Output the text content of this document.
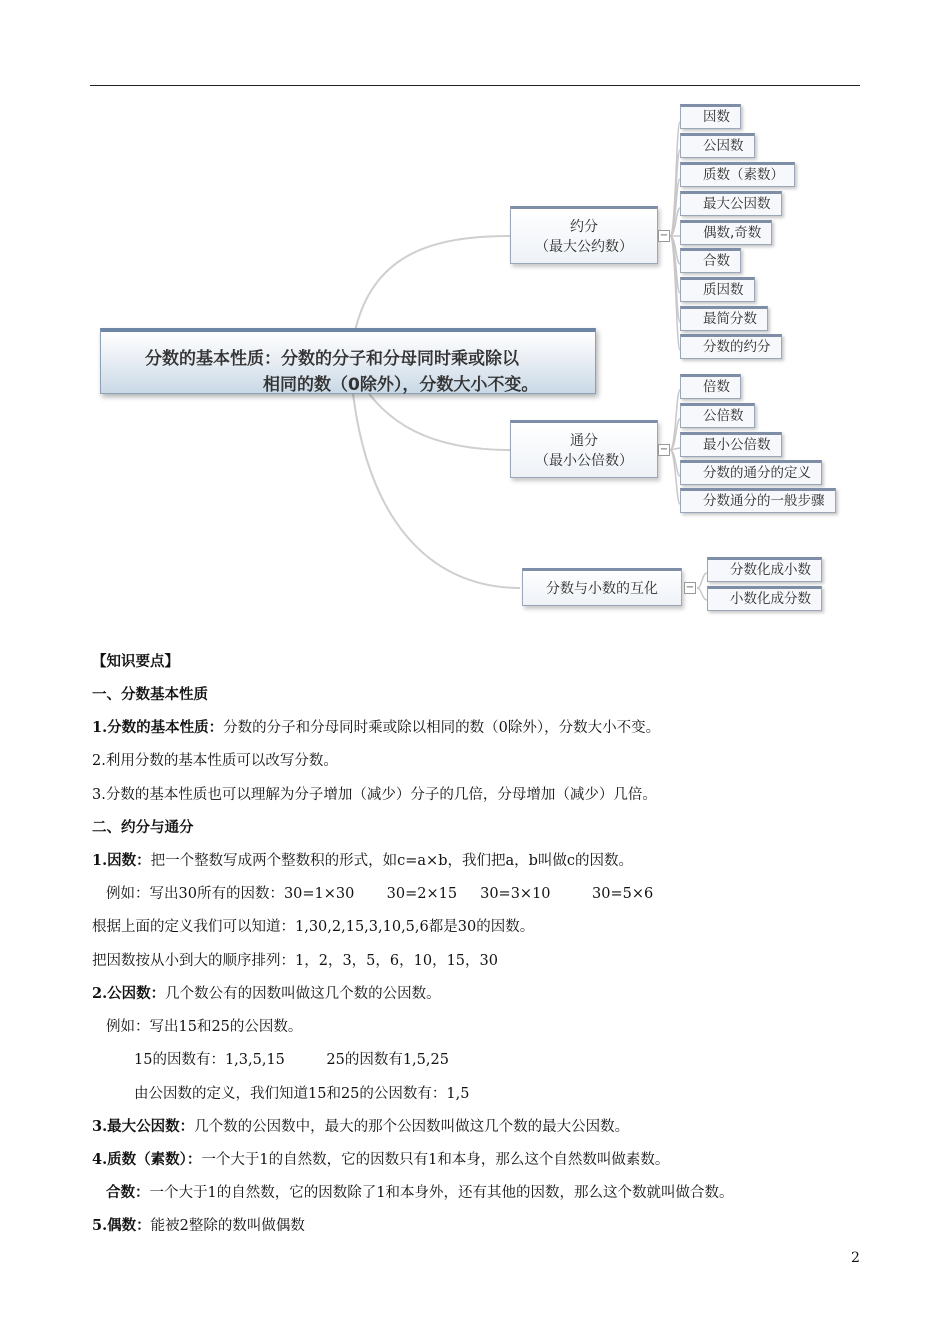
分数的基本性质：分数的分子和分母同时乘或除以
相同的数（0除外），分数大小不变。
约分
（最大公约数）
−
因数
公因数
质数（素数）
最大公因数
偶数,奇数
合数
质因数
最简分数
分数的约分
通分
（最小公倍数）
−
倍数
公倍数
最小公倍数
分数的通分的定义
分数通分的一般步骤
分数与小数的互化	−
分数化成小数
小数化成分数
【知识要点】
一、分数基本性质
1.分数的基本性质：分数的分子和分母同时乘或除以相同的数（0除外），分数大小不变。
2.利用分数的基本性质可以改写分数。
3.分数的基本性质也可以理解为分子增加（减少）分子的几倍，分母增加（减少）几倍。
二、约分与通分
1.因数：把一个整数写成两个整数积的形式，如c=a×b，我们把a，b叫做c的因数。
例如：写出30所有的因数：30=1×30       30=2×15     30=3×10         30=5×6
根据上面的定义我们可以知道：1,30,2,15,3,10,5,6都是30的因数。
把因数按从小到大的顺序排列：1，2，3，5，6，10，15，30
2.公因数：几个数公有的因数叫做这几个数的公因数。
例如：写出15和25的公因数。
15的因数有：1,3,5,15         25的因数有1,5,25
由公因数的定义，我们知道15和25的公因数有：1,5
3.最大公因数：几个数的公因数中，最大的那个公因数叫做这几个数的最大公因数。
4.质数（素数）：一个大于1的自然数，它的因数只有1和本身，那么这个自然数叫做素数。
合数：一个大于1的自然数，它的因数除了1和本身外，还有其他的因数，那么这个数就叫做合数。
5.偶数：能被2整除的数叫做偶数
2
